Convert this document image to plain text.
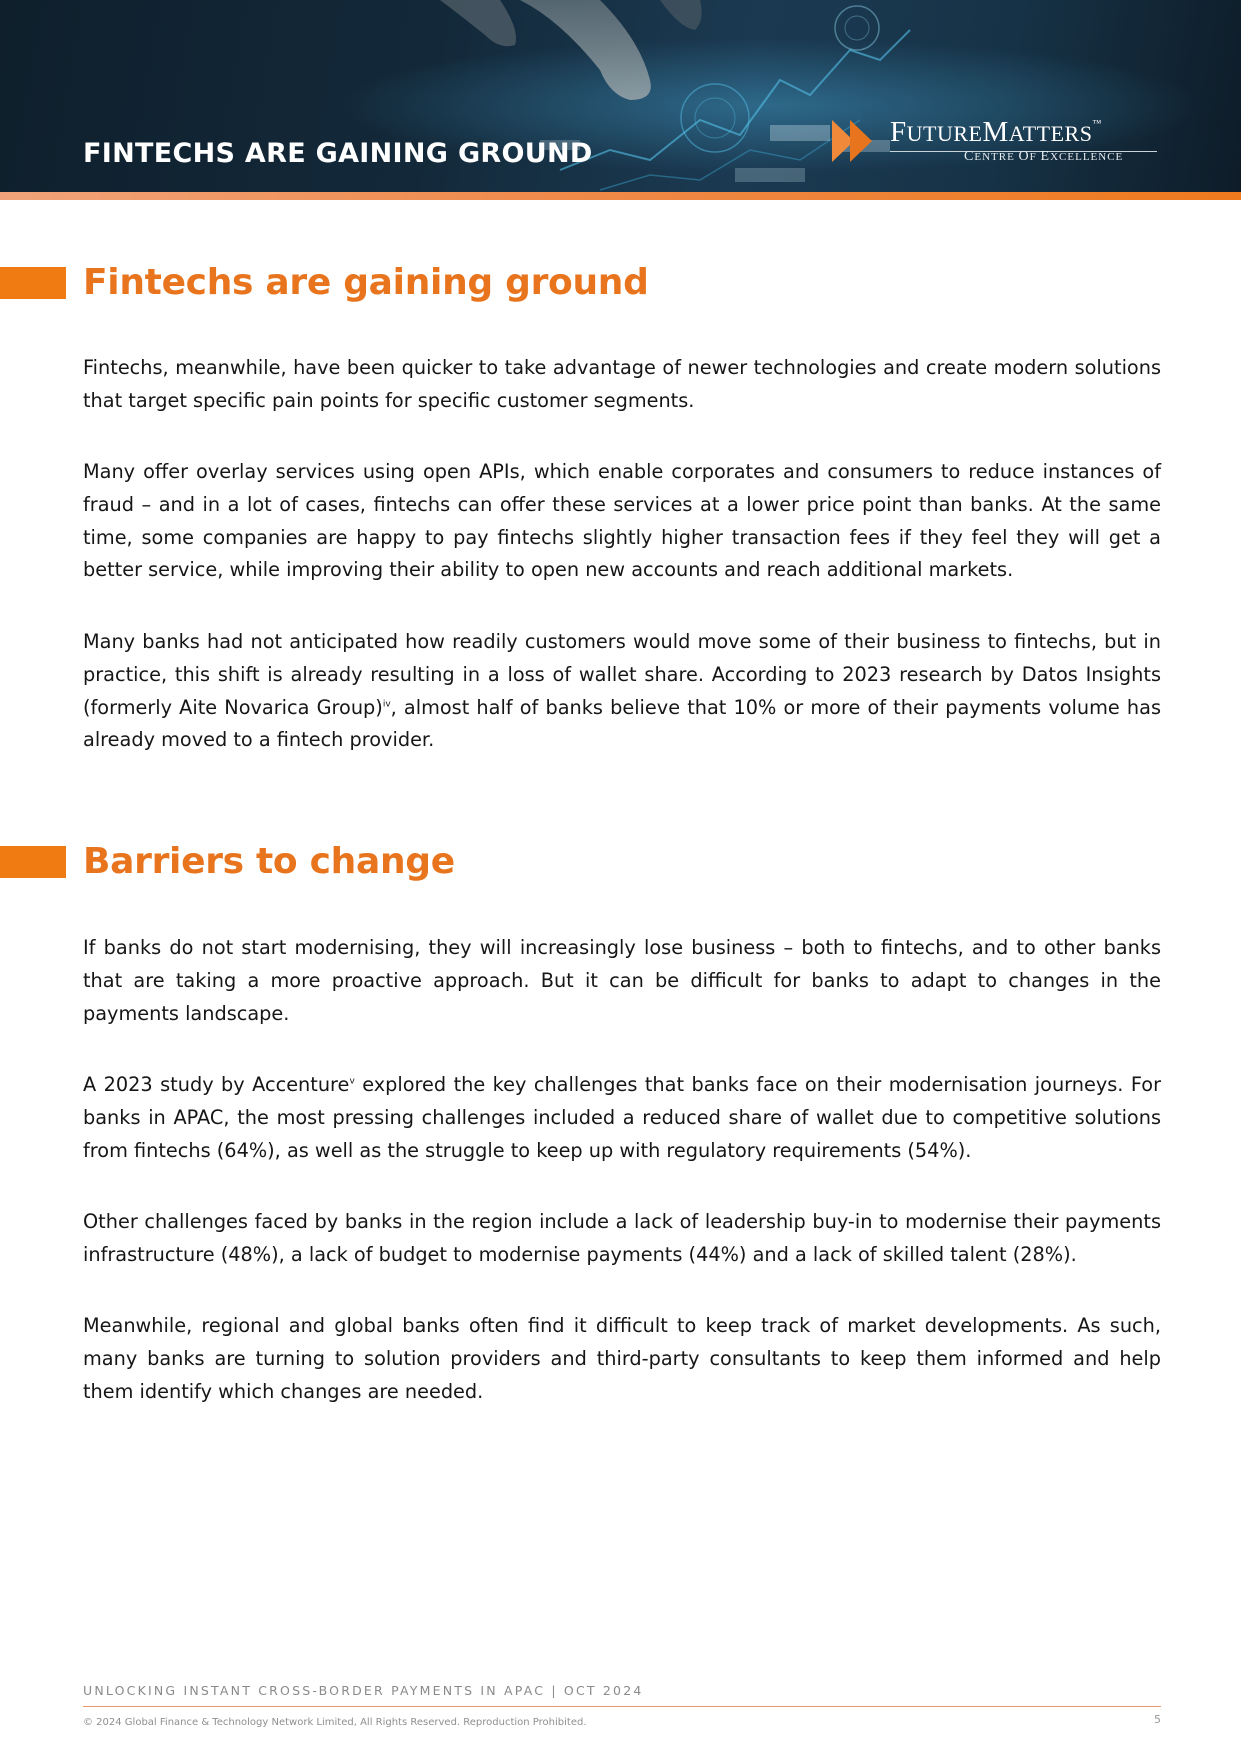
FINTECHS ARE GAINING GROUND
FUTUREMATTERS™
CENTRE OF EXCELLENCE
Fintechs are gaining ground

Fintechs, meanwhile, have been quicker to take advantage of newer technologies and create modern solutions that target specific pain points for specific customer segments.

Many offer overlay services using open APIs, which enable corporates and consumers to reduce instances of fraud – and in a lot of cases, fintechs can offer these services at a lower price point than banks. At the same time, some companies are happy to pay fintechs slightly higher transaction fees if they feel they will get a better service, while improving their ability to open new accounts and reach additional markets.

Many banks had not anticipated how readily customers would move some of their business to fintechs, but in practice, this shift is already resulting in a loss of wallet share. According to 2023 research by Datos Insights (formerly Aite Novarica Group)$^{iv}$, almost half of banks believe that 10% or more of their payments volume has already moved to a fintech provider.

Barriers to change

If banks do not start modernising, they will increasingly lose business – both to fintechs, and to other banks that are taking a more proactive approach. But it can be difficult for banks to adapt to changes in the payments landscape.

A 2023 study by Accenture$^v$ explored the key challenges that banks face on their modernisation journeys. For banks in APAC, the most pressing challenges included a reduced share of wallet due to competitive solutions from fintechs (64%), as well as the struggle to keep up with regulatory requirements (54%).

Other challenges faced by banks in the region include a lack of leadership buy-in to modernise their payments infrastructure (48%), a lack of budget to modernise payments (44%) and a lack of skilled talent (28%).

Meanwhile, regional and global banks often find it difficult to keep track of market developments. As such, many banks are turning to solution providers and third-party consultants to keep them informed and help them identify which changes are needed.

UNLOCKING INSTANT CROSS-BORDER PAYMENTS IN APAC | OCT 2024
© 2024 Global Finance & Technology Network Limited, All Rights Reserved. Reproduction Prohibited.	5
